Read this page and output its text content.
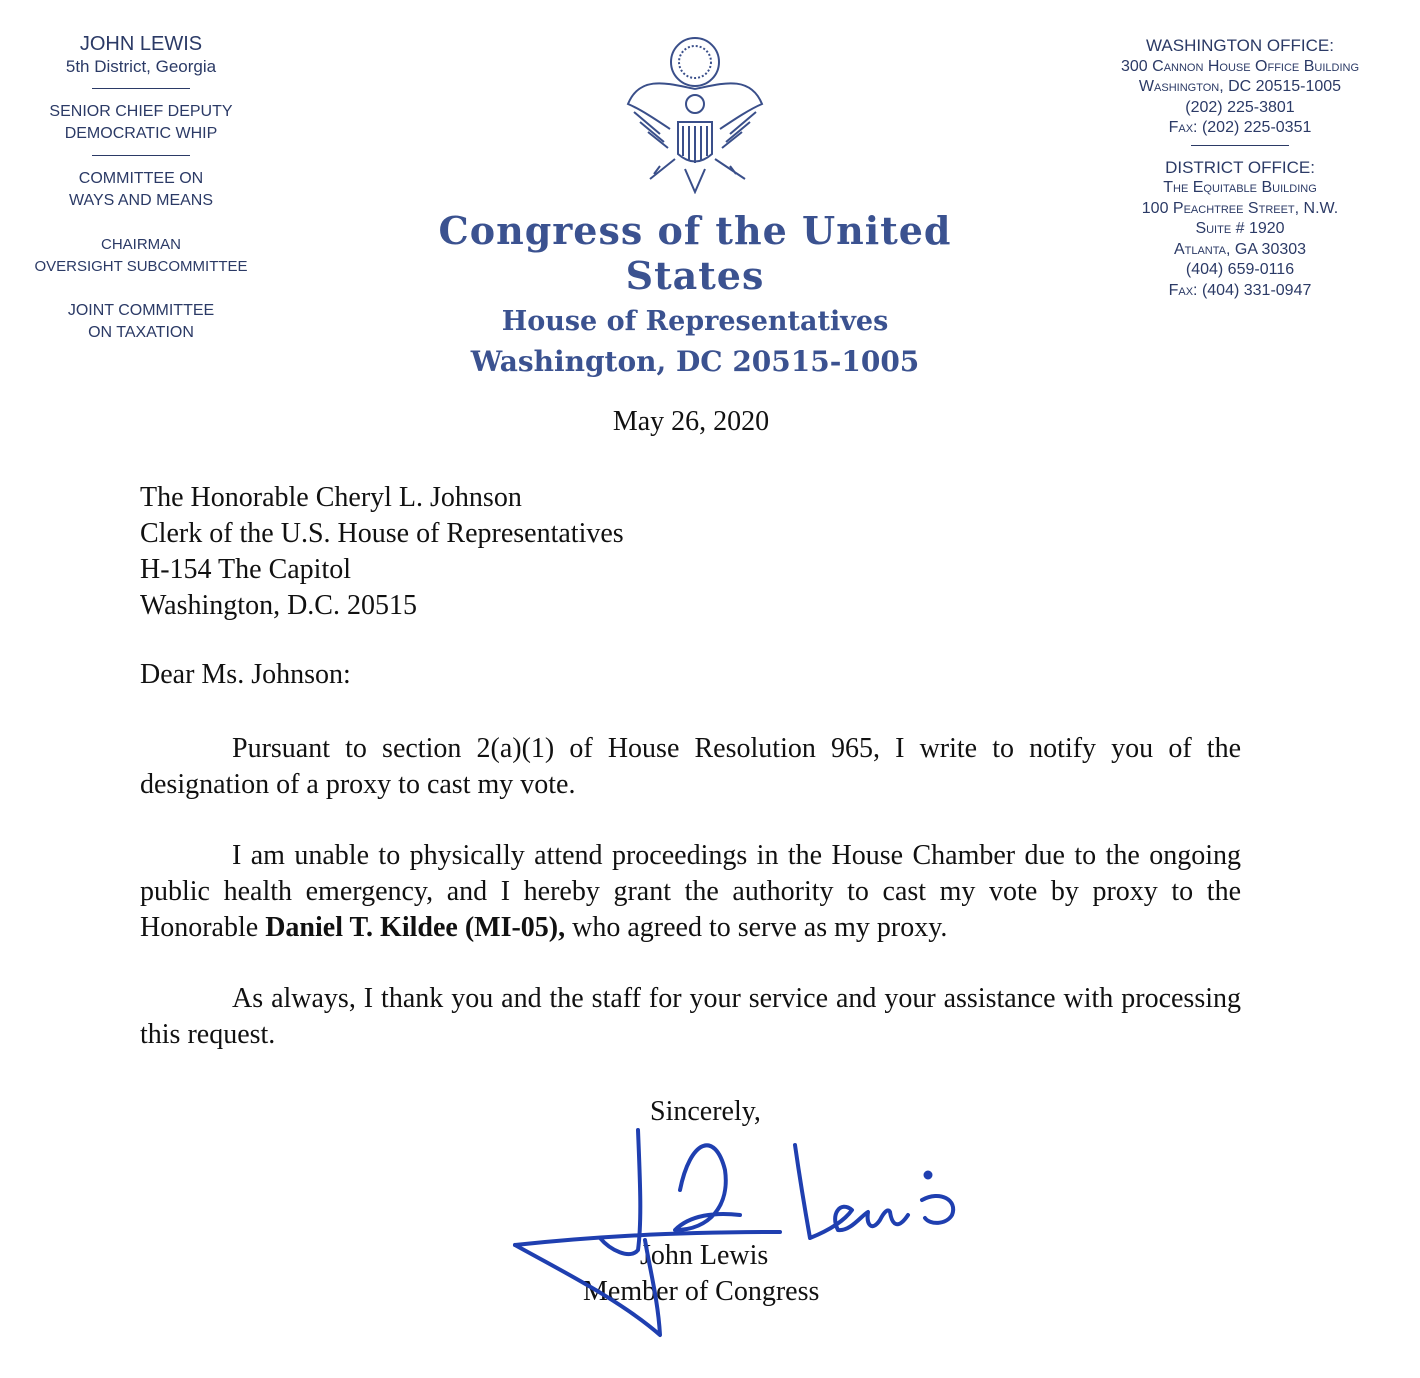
JOHN LEWIS
5th District, Georgia
SENIOR CHIEF DEPUTY
DEMOCRATIC WHIP
COMMITTEE ON
WAYS AND MEANS
CHAIRMAN
OVERSIGHT SUBCOMMITTEE
JOINT COMMITTEE
ON TAXATION
Congress of the United States
House of Representatives
Washington, DC 20515-1005
WASHINGTON OFFICE:
300 Cannon House Office Building
Washington, DC 20515-1005
(202) 225-3801
Fax: (202) 225-0351
DISTRICT OFFICE:
The Equitable Building
100 Peachtree Street, N.W.
Suite # 1920
Atlanta, GA 30303
(404) 659-0116
Fax: (404) 331-0947
May 26, 2020
The Honorable Cheryl L. Johnson
Clerk of the U.S. House of Representatives
H-154 The Capitol
Washington, D.C. 20515
Dear Ms. Johnson:
Pursuant to section 2(a)(1) of House Resolution 965, I write to notify you of the designation of a proxy to cast my vote.
I am unable to physically attend proceedings in the House Chamber due to the ongoing public health emergency, and I hereby grant the authority to cast my vote by proxy to the Honorable Daniel T. Kildee (MI-05), who agreed to serve as my proxy.
As always, I thank you and the staff for your service and your assistance with processing this request.
Sincerely,
John Lewis
Member of Congress
